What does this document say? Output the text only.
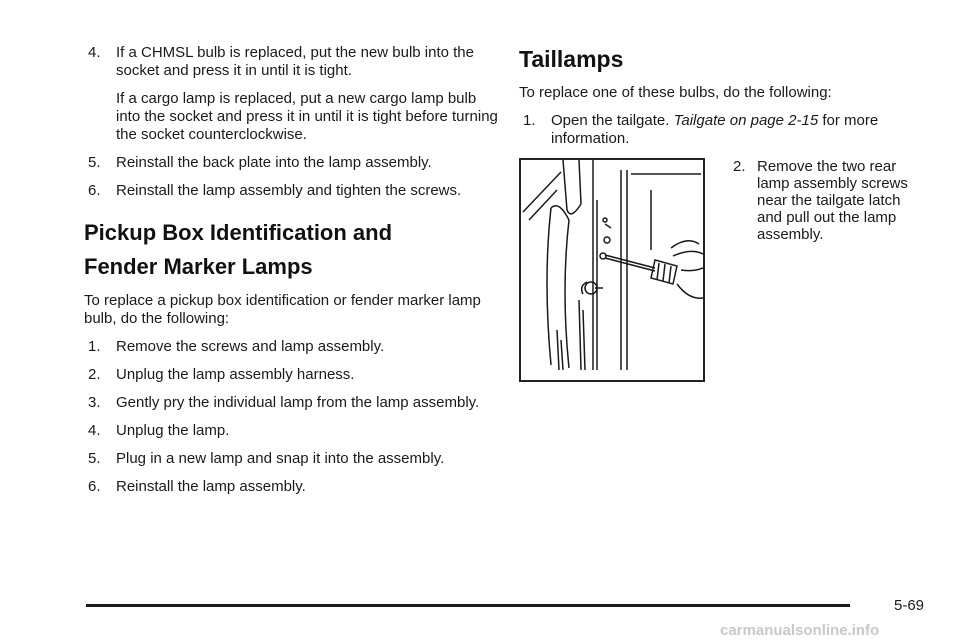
4. If a CHMSL bulb is replaced, put the new bulb into the socket and press it in until it is tight.
If a cargo lamp is replaced, put a new cargo lamp bulb into the socket and press it in until it is tight before turning the socket counterclockwise.
5. Reinstall the back plate into the lamp assembly.
6. Reinstall the lamp assembly and tighten the screws.
Pickup Box Identification and
Fender Marker Lamps
To replace a pickup box identification or fender marker lamp bulb, do the following:
1. Remove the screws and lamp assembly.
2. Unplug the lamp assembly harness.
3. Gently pry the individual lamp from the lamp assembly.
4. Unplug the lamp.
5. Plug in a new lamp and snap it into the assembly.
6. Reinstall the lamp assembly.
Taillamps
To replace one of these bulbs, do the following:
1. Open the tailgate. Tailgate on page 2-15 for more information.
2. Remove the two rear lamp assembly screws near the tailgate latch and pull out the lamp assembly.
5-69
carmanualsonline.info
